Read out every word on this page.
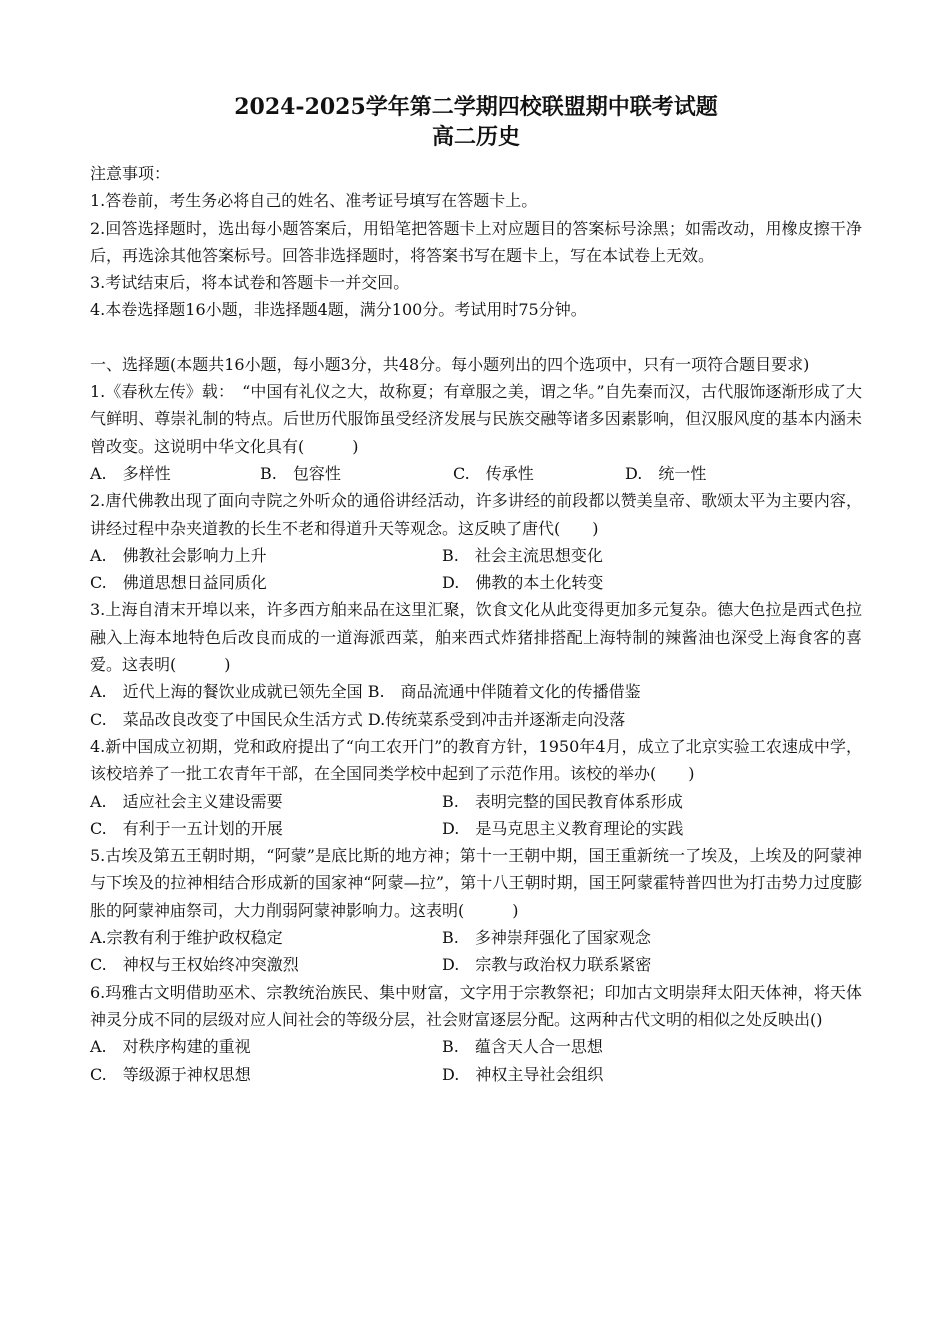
2024-2025学年第二学期四校联盟期中联考试题
高二历史

注意事项：

1.答卷前，考生务必将自己的姓名、准考证号填写在答题卡上。

2.回答选择题时，选出每小题答案后，用铅笔把答题卡上对应题目的答案标号涂黑；如需改动，用橡皮擦干净后，再选涂其他答案标号。回答非选择题时，将答案书写在题卡上，写在本试卷上无效。

3.考试结束后，将本试卷和答题卡一并交回。

4.本卷选择题16小题，非选择题4题，满分100分。考试用时75分钟。

一、选择题(本题共16小题，每小题3分，共48分。每小题列出的四个选项中，只有一项符合题目要求)

1.《春秋左传》载：　“中国有礼仪之大，故称夏；有章服之美，谓之华。”自先秦而汉，古代服饰逐渐形成了大气鲜明、尊崇礼制的特点。后世历代服饰虽受经济发展与民族交融等诸多因素影响，但汉服风度的基本内涵未曾改变。这说明中华文化具有(　　　)

A.　多样性	B.　包容性	C.　传承性	D.　统一性

2.唐代佛教出现了面向寺院之外听众的通俗讲经活动，许多讲经的前段都以赞美皇帝、歌颂太平为主要内容，讲经过程中杂夹道教的长生不老和得道升天等观念。这反映了唐代(　　)

A.　佛教社会影响力上升	B.　社会主流思想变化
C.　佛道思想日益同质化	D.　佛教的本土化转变

3.上海自清末开埠以来，许多西方舶来品在这里汇聚，饮食文化从此变得更加多元复杂。德大色拉是西式色拉融入上海本地特色后改良而成的一道海派西菜，舶来西式炸猪排搭配上海特制的辣酱油也深受上海食客的喜爱。这表明(　　　)

A.　近代上海的餐饮业成就已领先全国 B.　商品流通中伴随着文化的传播借鉴
C.　菜品改良改变了中国民众生活方式 D.传统菜系受到冲击并逐渐走向没落

4.新中国成立初期，党和政府提出了“向工农开门”的教育方针，1950年4月，成立了北京实验工农速成中学，该校培养了一批工农青年干部，在全国同类学校中起到了示范作用。该校的举办(　　)

A.　适应社会主义建设需要	B.　表明完整的国民教育体系形成
C.　有利于一五计划的开展	D.　是马克思主义教育理论的实践

5.古埃及第五王朝时期，“阿蒙”是底比斯的地方神；第十一王朝中期，国王重新统一了埃及，上埃及的阿蒙神与下埃及的拉神相结合形成新的国家神“阿蒙—拉”，第十八王朝时期，国王阿蒙霍特普四世为打击势力过度膨胀的阿蒙神庙祭司，大力削弱阿蒙神影响力。这表明(　　　)

A.宗教有利于维护政权稳定	B.　多神崇拜强化了国家观念
C.　神权与王权始终冲突激烈	D.　宗教与政治权力联系紧密

6.玛雅古文明借助巫术、宗教统治族民、集中财富，文字用于宗教祭祀；印加古文明崇拜太阳天体神，将天体神灵分成不同的层级对应人间社会的等级分层，社会财富逐层分配。这两种古代文明的相似之处反映出()

A.　对秩序构建的重视	B.　蕴含天人合一思想
C.　等级源于神权思想	D.　神权主导社会组织
